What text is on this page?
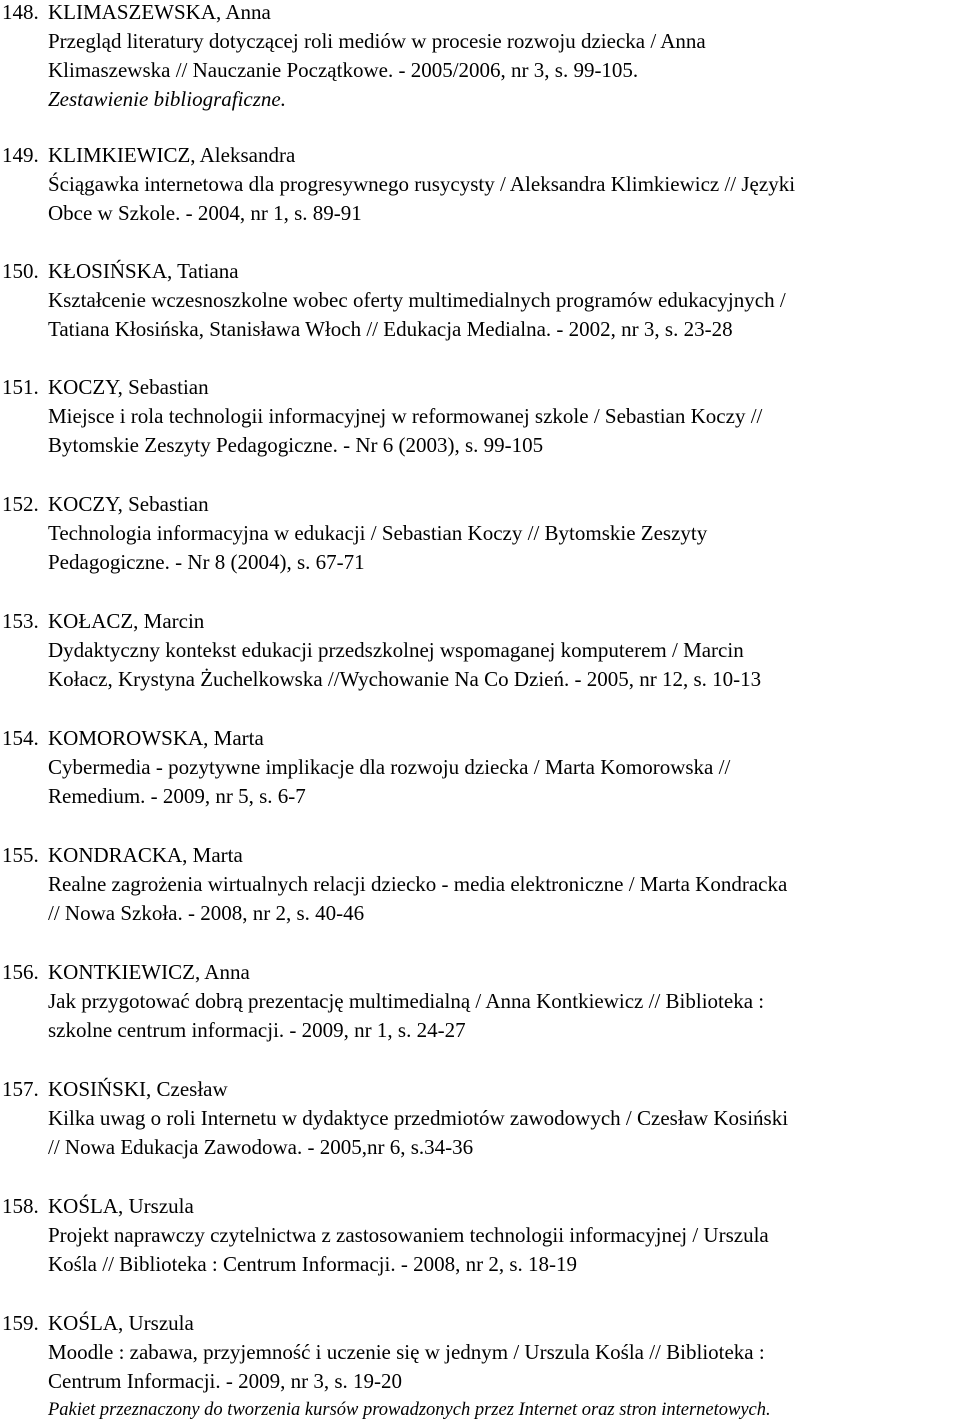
148. KLIMASZEWSKA, Anna
Przegląd literatury dotyczącej roli mediów w procesie rozwoju dziecka / Anna
Klimaszewska // Nauczanie Początkowe. - 2005/2006, nr 3, s. 99-105.
Zestawienie bibliograficzne.
149. KLIMKIEWICZ, Aleksandra
Ściągawka internetowa dla progresywnego rusycysty / Aleksandra Klimkiewicz // Języki
Obce w Szkole. - 2004, nr 1, s. 89-91
150. KŁOSIŃSKA, Tatiana
Kształcenie wczesnoszkolne wobec oferty multimedialnych programów edukacyjnych /
Tatiana Kłosińska, Stanisława Włoch // Edukacja Medialna. - 2002, nr 3, s. 23-28
151. KOCZY, Sebastian
Miejsce i rola technologii informacyjnej w reformowanej szkole / Sebastian Koczy //
Bytomskie Zeszyty Pedagogiczne. - Nr 6 (2003), s. 99-105
152. KOCZY, Sebastian
Technologia informacyjna w edukacji / Sebastian Koczy // Bytomskie Zeszyty
Pedagogiczne. - Nr 8 (2004), s. 67-71
153. KOŁACZ, Marcin
Dydaktyczny kontekst edukacji przedszkolnej wspomaganej komputerem / Marcin
Kołacz, Krystyna Żuchelkowska //Wychowanie Na Co Dzień. - 2005, nr 12, s. 10-13
154. KOMOROWSKA, Marta
Cybermedia - pozytywne implikacje dla rozwoju dziecka / Marta Komorowska //
Remedium. - 2009, nr 5, s. 6-7
155. KONDRACKA, Marta
Realne zagrożenia wirtualnych relacji dziecko - media elektroniczne / Marta Kondracka
// Nowa Szkoła. - 2008, nr 2, s. 40-46
156. KONTKIEWICZ, Anna
Jak przygotować dobrą prezentację multimedialną / Anna Kontkiewicz // Biblioteka :
szkolne centrum informacji. - 2009, nr 1, s. 24-27
157. KOSIŃSKI, Czesław
Kilka uwag o roli Internetu w dydaktyce przedmiotów zawodowych / Czesław Kosiński
// Nowa Edukacja Zawodowa. - 2005,nr 6, s.34-36
158. KOŚLA, Urszula
Projekt naprawczy czytelnictwa z zastosowaniem technologii informacyjnej / Urszula
Kośla // Biblioteka : Centrum Informacji. - 2008, nr 2, s. 18-19
159. KOŚLA, Urszula
Moodle : zabawa, przyjemność i uczenie się w jednym / Urszula Kośla // Biblioteka :
Centrum Informacji. - 2009, nr 3, s. 19-20
Pakiet przeznaczony do tworzenia kursów prowadzonych przez Internet oraz stron internetowych.
